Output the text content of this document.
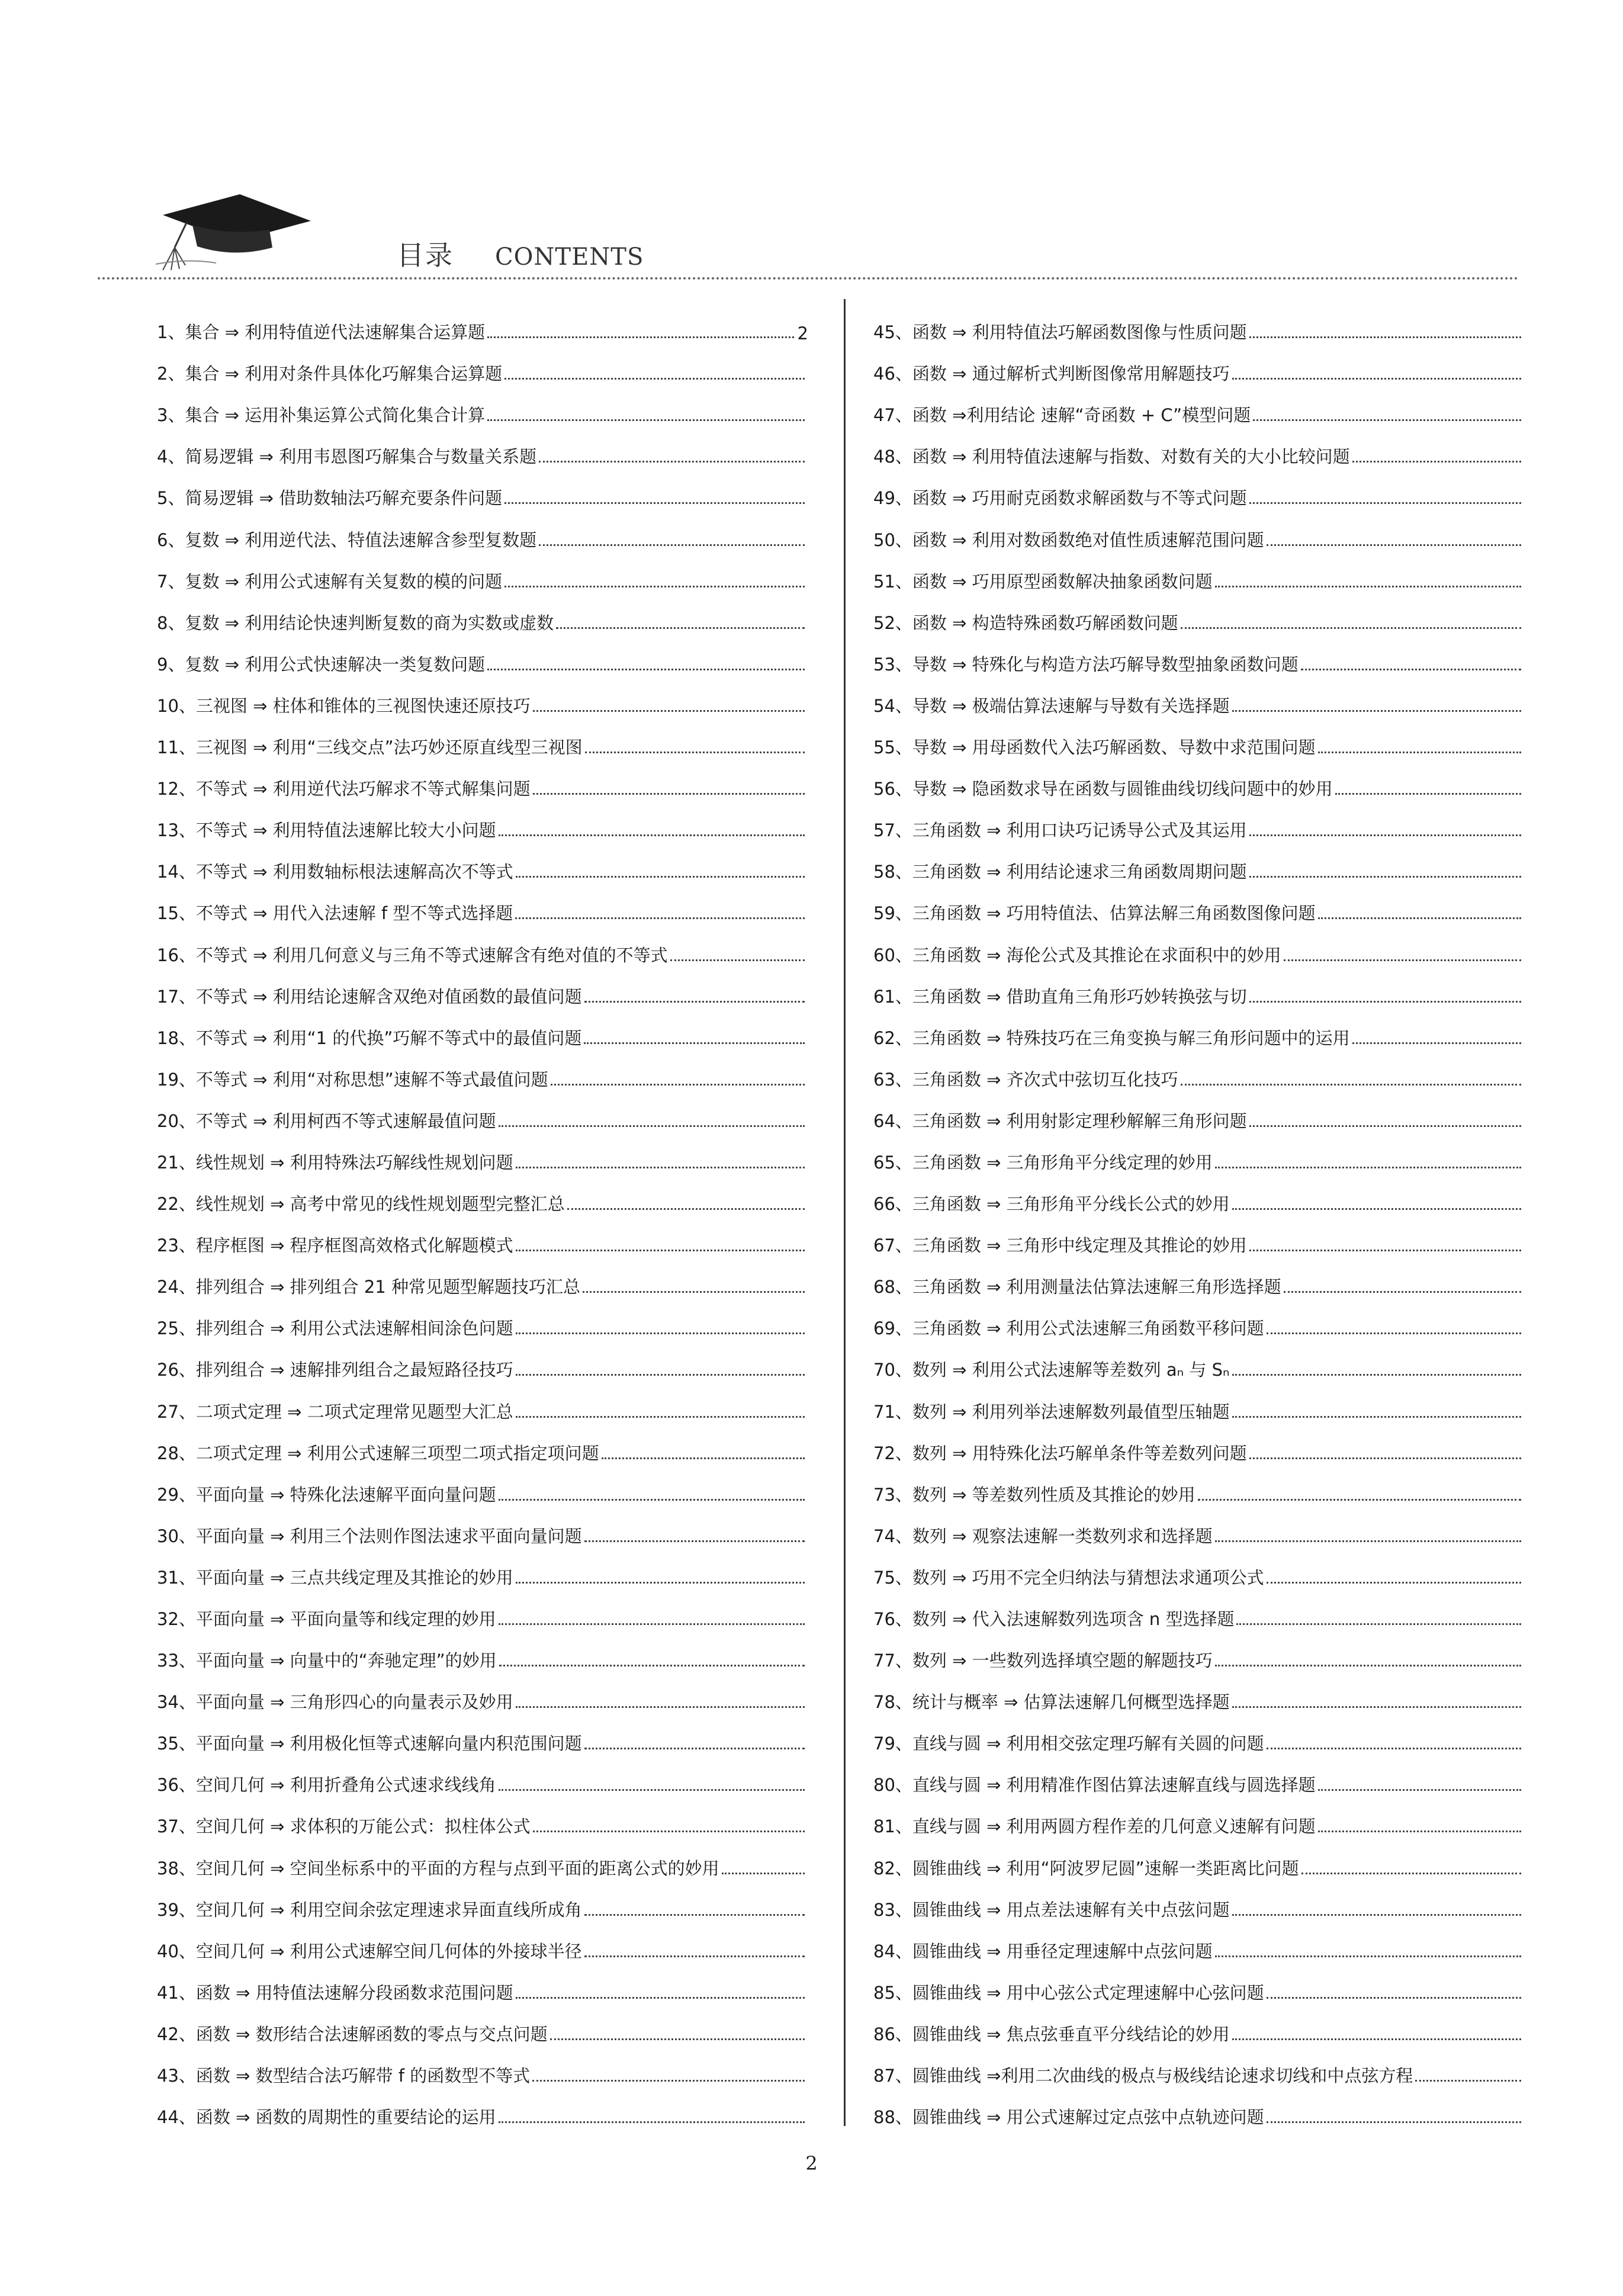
目录 CONTENTS
1、集合 ⇒ 利用特值逆代法速解集合运算题	2
2、集合 ⇒ 利用对条件具体化巧解集合运算题
3、集合 ⇒ 运用补集运算公式简化集合计算
4、简易逻辑 ⇒ 利用韦恩图巧解集合与数量关系题
5、简易逻辑 ⇒ 借助数轴法巧解充要条件问题
6、复数 ⇒ 利用逆代法、特值法速解含参型复数题
7、复数 ⇒ 利用公式速解有关复数的模的问题
8、复数 ⇒ 利用结论快速判断复数的商为实数或虚数
9、复数 ⇒ 利用公式快速解决一类复数问题
10、三视图 ⇒ 柱体和锥体的三视图快速还原技巧
11、三视图 ⇒ 利用“三线交点”法巧妙还原直线型三视图
12、不等式 ⇒ 利用逆代法巧解求不等式解集问题
13、不等式 ⇒ 利用特值法速解比较大小问题
14、不等式 ⇒ 利用数轴标根法速解高次不等式
15、不等式 ⇒ 用代入法速解 f 型不等式选择题
16、不等式 ⇒ 利用几何意义与三角不等式速解含有绝对值的不等式
17、不等式 ⇒ 利用结论速解含双绝对值函数的最值问题
18、不等式 ⇒ 利用“1 的代换”巧解不等式中的最值问题
19、不等式 ⇒ 利用“对称思想”速解不等式最值问题
20、不等式 ⇒ 利用柯西不等式速解最值问题
21、线性规划 ⇒ 利用特殊法巧解线性规划问题
22、线性规划 ⇒ 高考中常见的线性规划题型完整汇总
23、程序框图 ⇒ 程序框图高效格式化解题模式
24、排列组合 ⇒ 排列组合 21 种常见题型解题技巧汇总
25、排列组合 ⇒ 利用公式法速解相间涂色问题
26、排列组合 ⇒ 速解排列组合之最短路径技巧
27、二项式定理 ⇒ 二项式定理常见题型大汇总
28、二项式定理 ⇒ 利用公式速解三项型二项式指定项问题
29、平面向量 ⇒ 特殊化法速解平面向量问题
30、平面向量 ⇒ 利用三个法则作图法速求平面向量问题
31、平面向量 ⇒ 三点共线定理及其推论的妙用
32、平面向量 ⇒ 平面向量等和线定理的妙用
33、平面向量 ⇒ 向量中的“奔驰定理”的妙用
34、平面向量 ⇒ 三角形四心的向量表示及妙用
35、平面向量 ⇒ 利用极化恒等式速解向量内积范围问题
36、空间几何 ⇒ 利用折叠角公式速求线线角
37、空间几何 ⇒ 求体积的万能公式：拟柱体公式
38、空间几何 ⇒ 空间坐标系中的平面的方程与点到平面的距离公式的妙用
39、空间几何 ⇒ 利用空间余弦定理速求异面直线所成角
40、空间几何 ⇒ 利用公式速解空间几何体的外接球半径
41、函数 ⇒ 用特值法速解分段函数求范围问题
42、函数 ⇒ 数形结合法速解函数的零点与交点问题
43、函数 ⇒ 数型结合法巧解带 f 的函数型不等式
44、函数 ⇒ 函数的周期性的重要结论的运用
45、函数 ⇒ 利用特值法巧解函数图像与性质问题
46、函数 ⇒ 通过解析式判断图像常用解题技巧
47、函数 ⇒利用结论 速解“奇函数 + C”模型问题
48、函数 ⇒ 利用特值法速解与指数、对数有关的大小比较问题
49、函数 ⇒ 巧用耐克函数求解函数与不等式问题
50、函数 ⇒ 利用对数函数绝对值性质速解范围问题
51、函数 ⇒ 巧用原型函数解决抽象函数问题
52、函数 ⇒ 构造特殊函数巧解函数问题
53、导数 ⇒ 特殊化与构造方法巧解导数型抽象函数问题
54、导数 ⇒ 极端估算法速解与导数有关选择题
55、导数 ⇒ 用母函数代入法巧解函数、导数中求范围问题
56、导数 ⇒ 隐函数求导在函数与圆锥曲线切线问题中的妙用
57、三角函数 ⇒ 利用口诀巧记诱导公式及其运用
58、三角函数 ⇒ 利用结论速求三角函数周期问题
59、三角函数 ⇒ 巧用特值法、估算法解三角函数图像问题
60、三角函数 ⇒ 海伦公式及其推论在求面积中的妙用
61、三角函数 ⇒ 借助直角三角形巧妙转换弦与切
62、三角函数 ⇒ 特殊技巧在三角变换与解三角形问题中的运用
63、三角函数 ⇒ 齐次式中弦切互化技巧
64、三角函数 ⇒ 利用射影定理秒解解三角形问题
65、三角函数 ⇒ 三角形角平分线定理的妙用
66、三角函数 ⇒ 三角形角平分线长公式的妙用
67、三角函数 ⇒ 三角形中线定理及其推论的妙用
68、三角函数 ⇒ 利用测量法估算法速解三角形选择题
69、三角函数 ⇒ 利用公式法速解三角函数平移问题
70、数列 ⇒ 利用公式法速解等差数列 aₙ 与 Sₙ
71、数列 ⇒ 利用列举法速解数列最值型压轴题
72、数列 ⇒ 用特殊化法巧解单条件等差数列问题
73、数列 ⇒ 等差数列性质及其推论的妙用
74、数列 ⇒ 观察法速解一类数列求和选择题
75、数列 ⇒ 巧用不完全归纳法与猜想法求通项公式
76、数列 ⇒ 代入法速解数列选项含 n 型选择题
77、数列 ⇒ 一些数列选择填空题的解题技巧
78、统计与概率 ⇒ 估算法速解几何概型选择题
79、直线与圆 ⇒ 利用相交弦定理巧解有关圆的问题
80、直线与圆 ⇒ 利用精准作图估算法速解直线与圆选择题
81、直线与圆 ⇒ 利用两圆方程作差的几何意义速解有问题
82、圆锥曲线 ⇒ 利用“阿波罗尼圆”速解一类距离比问题
83、圆锥曲线 ⇒ 用点差法速解有关中点弦问题
84、圆锥曲线 ⇒ 用垂径定理速解中点弦问题
85、圆锥曲线 ⇒ 用中心弦公式定理速解中心弦问题
86、圆锥曲线 ⇒ 焦点弦垂直平分线结论的妙用
87、圆锥曲线 ⇒利用二次曲线的极点与极线结论速求切线和中点弦方程
88、圆锥曲线 ⇒ 用公式速解过定点弦中点轨迹问题
2
